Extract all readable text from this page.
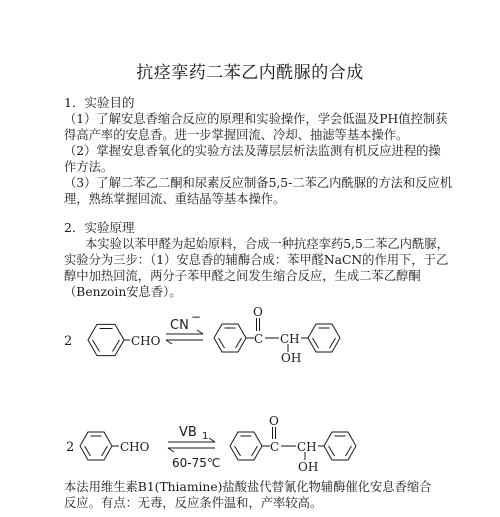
抗痉挛药二苯乙内酰脲的合成
1．实验目的
（1）了解安息香缩合反应的原理和实验操作，学会低温及PH值控制获
得高产率的安息香。进一步掌握回流、冷却、抽滤等基本操作。
（2）掌握安息香氧化的实验方法及薄层层析法监测有机反应进程的操
作方法。
（3）了解二苯乙二酮和尿素反应制备5,5-二苯乙内酰脲的方法和反应机
理，熟练掌握回流、重结晶等基本操作。
2．实验原理
本实验以苯甲醛为起始原料，合成一种抗痉挛药5,5二苯乙内酰脲，
实验分为三步：（1）安息香的辅酶合成：苯甲醛NaCN的作用下，于乙
醇中加热回流，两分子苯甲醛之间发生缩合反应，生成二苯乙醇酮
（Benzoin安息香）。
2	CHO
CN
−	O
C CH
OH
2	CHO
VB 1
60-75℃
O
C CH
OH
本法用维生素B1(Thiamine)盐酸盐代替氰化物辅酶催化安息香缩合
反应。有点：无毒，反应条件温和，产率较高。
